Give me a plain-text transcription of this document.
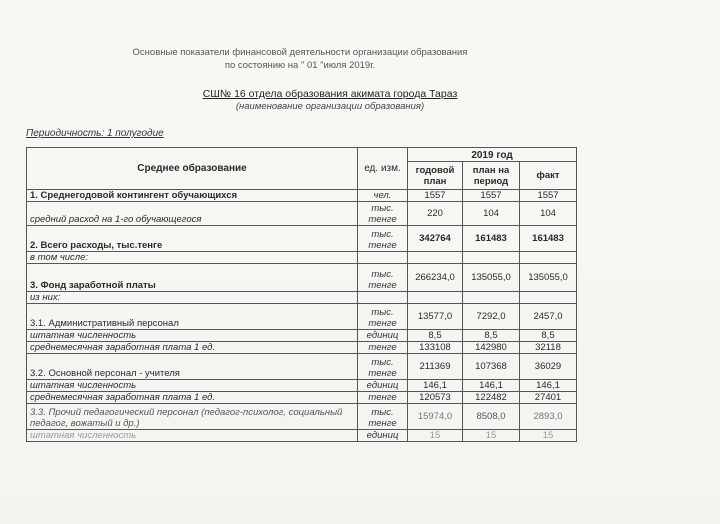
Основные показатели финансовой деятельности организации образования
по состоянию на " 01 "июля 2019г.
СШ№ 16 отдела образования акимата города Тараз
(наименование организации образования)
Периодичность: 1 полугодие
Среднее образование	ед. изм.	2019 год		
		годовой план	план на период	факт
1. Среднегодовой контингент обучающихся	чел.	1557	1557	1557
средний расход на 1-го обучающегося	тыс. тенге	220	104	104
2. Всего расходы, тыс.тенге	тыс. тенге	342764	161483	161483
в том числе:				
3. Фонд заработной платы	тыс. тенге	266234,0	135055,0	135055,0
из них:				
3.1. Административный персонал	тыс. тенге	13577,0	7292,0	2457,0
штатная численность	единиц	8,5	8,5	8,5
среднемесячная заработная плата 1 ед.	тенге	133108	142980	32118
3.2. Основной персонал - учителя	тыс. тенге	211369	107368	36029
штатная численность	единиц	146,1	146,1	146,1
среднемесячная заработная плата 1 ед.	тенге	120573	122482	27401
3.3. Прочий педагогический персонал (педагог-психолог, социальный педагог, вожатый и др.)	тыс. тенге	15974,0	8508,0	2893,0
штатная численность	единиц	15	15	15
